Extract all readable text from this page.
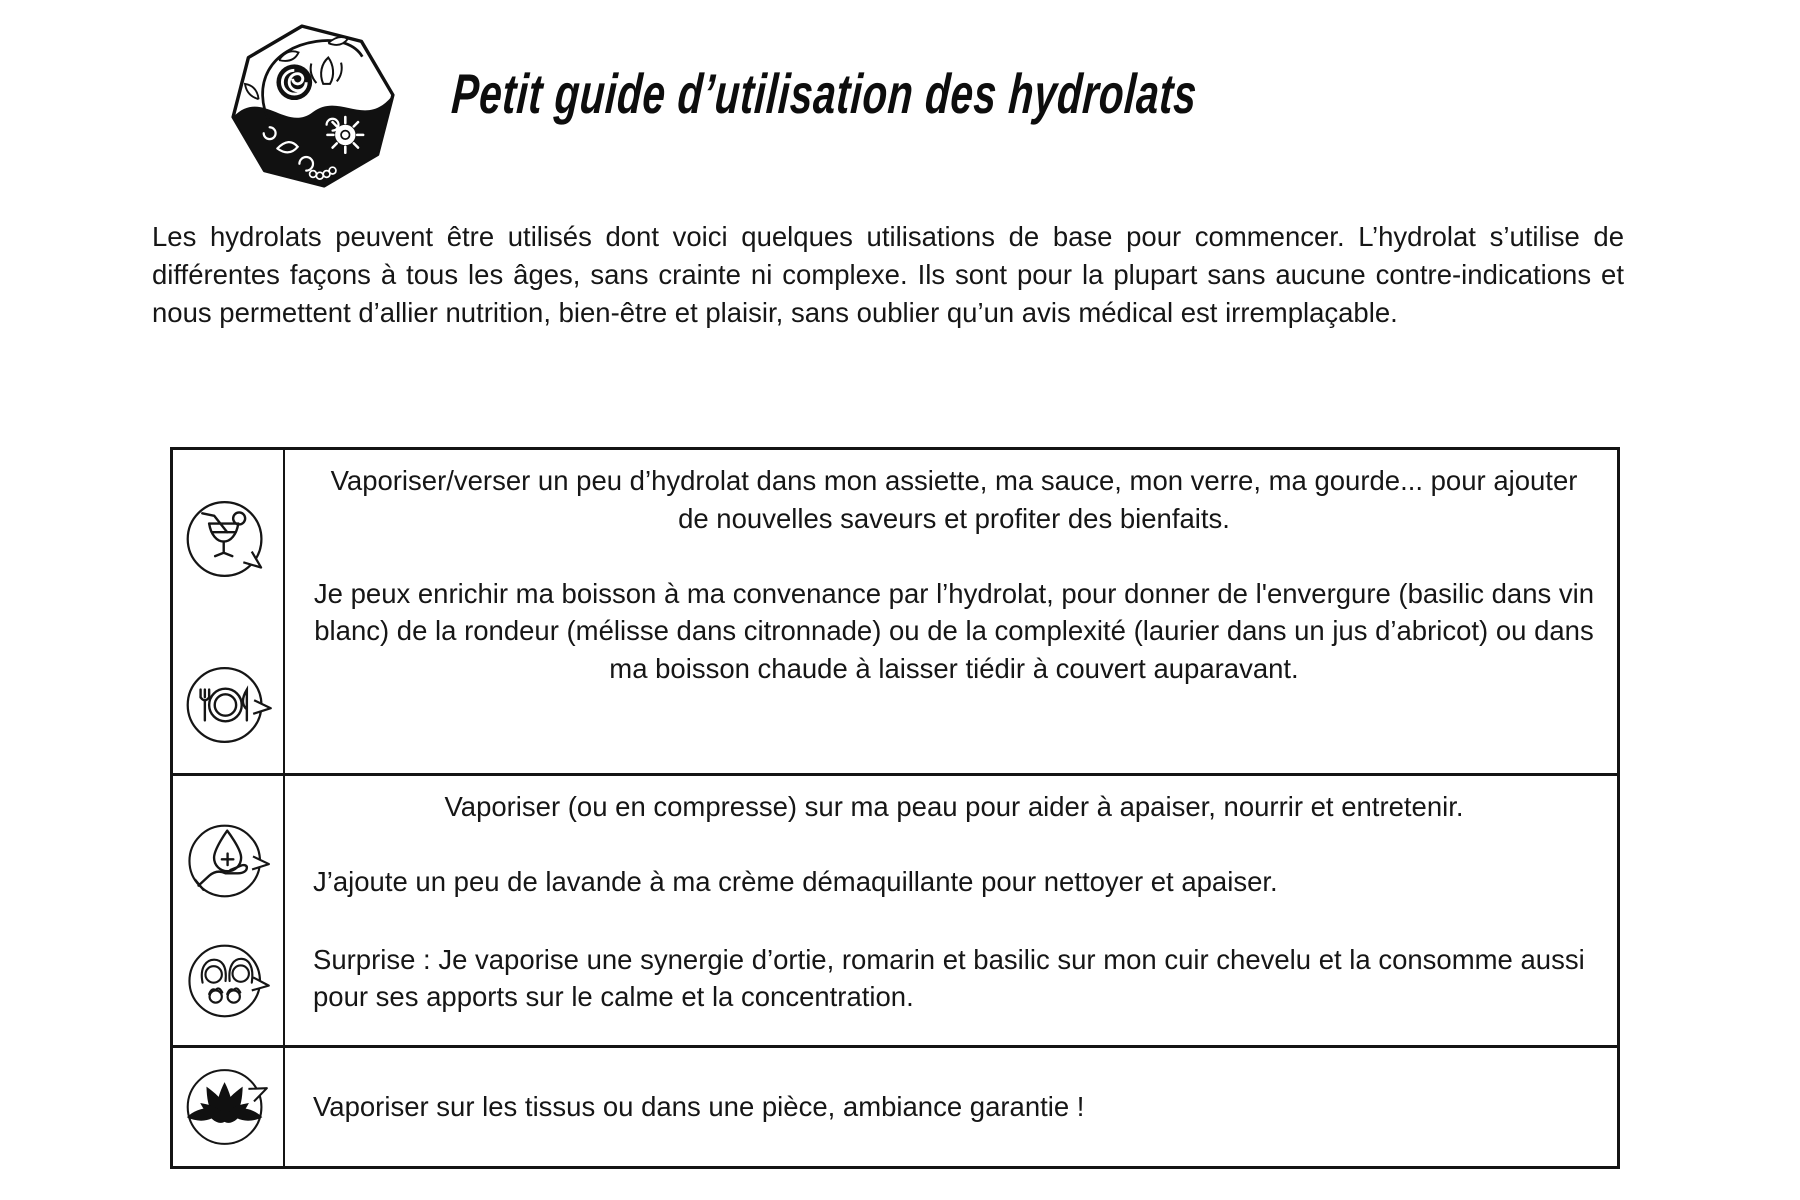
Petit guide d’utilisation des hydrolats

Les hydrolats peuvent être utilisés dont voici quelques utilisations de base pour commencer. L’hydrolat s’utilise de différentes façons à tous les âges, sans crainte ni complexe. Ils sont pour la plupart sans aucune contre-indications et nous permettent d’allier nutrition, bien-être et plaisir, sans oublier qu’un avis médical est irremplaçable.

Vaporiser/verser un peu d’hydrolat dans mon assiette, ma sauce, mon verre, ma gourde... pour ajouter de nouvelles saveurs et profiter des bienfaits.

Je peux enrichir ma boisson à ma convenance par l’hydrolat, pour donner de l'envergure (basilic dans vin blanc) de la rondeur (mélisse dans citronnade) ou de la complexité (laurier dans un jus d’abricot) ou dans ma boisson chaude à laisser tiédir à couvert auparavant.

Vaporiser (ou en compresse) sur ma peau pour aider à apaiser, nourrir et entretenir.

J’ajoute un peu de lavande à ma crème démaquillante pour nettoyer et apaiser.

Surprise : Je vaporise une synergie d’ortie, romarin et basilic sur mon cuir chevelu et la consomme aussi pour ses apports sur le calme et la concentration.

Vaporiser sur les tissus ou dans une pièce, ambiance garantie !
